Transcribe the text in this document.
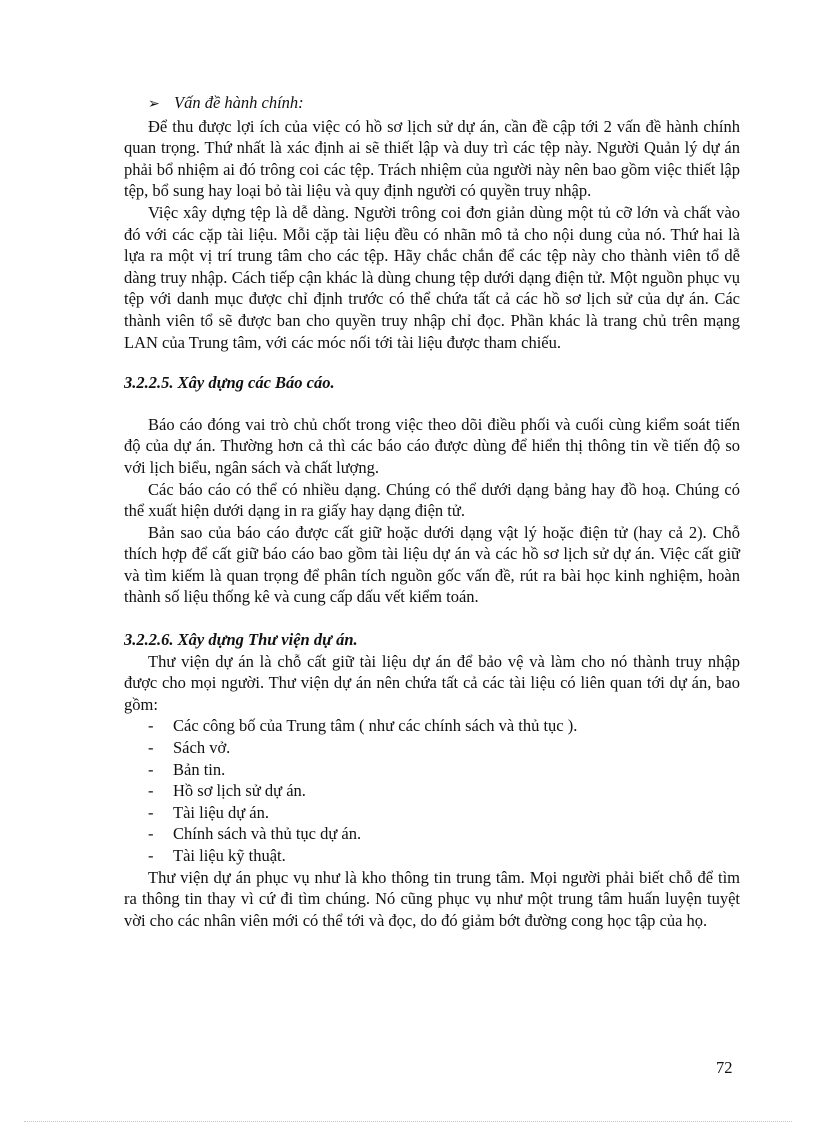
➢ Vấn đề hành chính:

Để thu được lợi ích của việc có hồ sơ lịch sử dự án, cần đề cập tới 2 vấn đề hành chính quan trọng. Thứ nhất là xác định ai sẽ thiết lập và duy trì các tệp này. Người Quản lý dự án phải bổ nhiệm ai đó trông coi các tệp. Trách nhiệm của người này nên bao gồm việc thiết lập tệp, bổ sung hay loại bỏ tài liệu và quy định người có quyền truy nhập.

Việc xây dựng tệp là dễ dàng. Người trông coi đơn giản dùng một tủ cỡ lớn và chất vào đó với các cặp tài liệu. Mỗi cặp tài liệu đều có nhãn mô tả cho nội dung của nó. Thứ hai là lựa ra một vị trí trung tâm cho các tệp. Hãy chắc chắn để các tệp này cho thành viên tổ dễ dàng truy nhập. Cách tiếp cận khác là dùng chung tệp dưới dạng điện tử. Một nguồn phục vụ tệp với danh mục được chỉ định trước có thể chứa tất cả các hồ sơ lịch sử của dự án. Các thành viên tổ sẽ được ban cho quyền truy nhập chỉ đọc. Phần khác là trang chủ trên mạng LAN của Trung tâm, với các móc nối tới tài liệu được tham chiếu.

3.2.2.5. Xây dựng các Báo cáo.

Báo cáo đóng vai trò chủ chốt trong việc theo dõi điều phối và cuối cùng kiểm soát tiến độ của dự án. Thường hơn cả thì các báo cáo được dùng để hiển thị thông tin về tiến độ so với lịch biểu, ngân sách và chất lượng.

Các báo cáo có thể có nhiều dạng. Chúng có thể dưới dạng bảng hay đồ hoạ. Chúng có thể xuất hiện dưới dạng in ra giấy hay dạng điện tử.

Bản sao của báo cáo được cất giữ hoặc dưới dạng vật lý hoặc điện tử (hay cả 2). Chỗ thích hợp để cất giữ báo cáo bao gồm tài liệu dự án và các hồ sơ lịch sử dự án. Việc cất giữ và tìm kiếm là quan trọng để phân tích nguồn gốc vấn đề, rút ra bài học kinh nghiệm, hoàn thành số liệu thống kê và cung cấp dấu vết kiểm toán.

3.2.2.6. Xây dựng Thư viện dự án.

Thư viện dự án là chỗ cất giữ tài liệu dự án để bảo vệ và làm cho nó thành truy nhập được cho mọi người. Thư viện dự án nên chứa tất cả các tài liệu có liên quan tới dự án, bao gồm:

-	Các công bố của Trung tâm ( như các chính sách và thủ tục ).
-	Sách vở.
-	Bản tin.
-	Hồ sơ lịch sử dự án.
-	Tài liệu dự án.
-	Chính sách và thủ tục dự án.
-	Tài liệu kỹ thuật.

Thư viện dự án phục vụ như là kho thông tin trung tâm. Mọi người phải biết chỗ để tìm ra thông tin thay vì cứ đi tìm chúng. Nó cũng phục vụ như một trung tâm huấn luyện tuyệt vời cho các nhân viên mới có thể tới và đọc, do đó giảm bớt đường cong học tập của họ.

72
